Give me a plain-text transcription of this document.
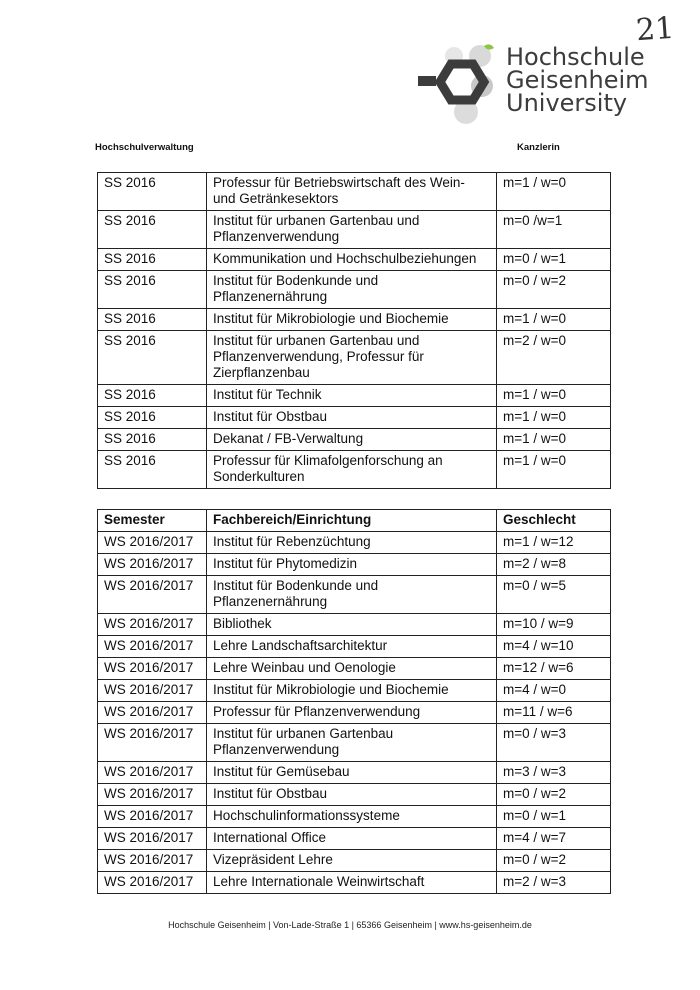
21
Hochschule
Geisenheim
University
Hochschulverwaltung	Kanzlerin
SS 2016	Professur für Betriebswirtschaft des Wein- und Getränkesektors	m=1 / w=0
SS 2016	Institut für urbanen Gartenbau und Pflanzenverwendung	m=0 /w=1
SS 2016	Kommunikation und Hochschulbeziehungen	m=0 / w=1
SS 2016	Institut für Bodenkunde und Pflanzenernährung	m=0 / w=2
SS 2016	Institut für Mikrobiologie und Biochemie	m=1 / w=0
SS 2016	Institut für urbanen Gartenbau und Pflanzenverwendung, Professur für Zierpflanzenbau	m=2 / w=0
SS 2016	Institut für Technik	m=1 / w=0
SS 2016	Institut für Obstbau	m=1 / w=0
SS 2016	Dekanat / FB-Verwaltung	m=1 / w=0
SS 2016	Professur für Klimafolgenforschung an Sonderkulturen	m=1 / w=0
Semester	Fachbereich/Einrichtung	Geschlecht
WS 2016/2017	Institut für Rebenzüchtung	m=1 / w=12
WS 2016/2017	Institut für Phytomedizin	m=2 / w=8
WS 2016/2017	Institut für Bodenkunde und Pflanzenernährung	m=0 / w=5
WS 2016/2017	Bibliothek	m=10 / w=9
WS 2016/2017	Lehre Landschaftsarchitektur	m=4 / w=10
WS 2016/2017	Lehre Weinbau und Oenologie	m=12 / w=6
WS 2016/2017	Institut für Mikrobiologie und Biochemie	m=4 / w=0
WS 2016/2017	Professur für Pflanzenverwendung	m=11 / w=6
WS 2016/2017	Institut für urbanen Gartenbau Pflanzenverwendung	m=0 / w=3
WS 2016/2017	Institut für Gemüsebau	m=3 / w=3
WS 2016/2017	Institut für Obstbau	m=0 / w=2
WS 2016/2017	Hochschulinformationssysteme	m=0 / w=1
WS 2016/2017	International Office	m=4 / w=7
WS 2016/2017	Vizepräsident Lehre	m=0 / w=2
WS 2016/2017	Lehre Internationale Weinwirtschaft	m=2 / w=3
Hochschule Geisenheim | Von-Lade-Straße 1 | 65366 Geisenheim | www.hs-geisenheim.de
